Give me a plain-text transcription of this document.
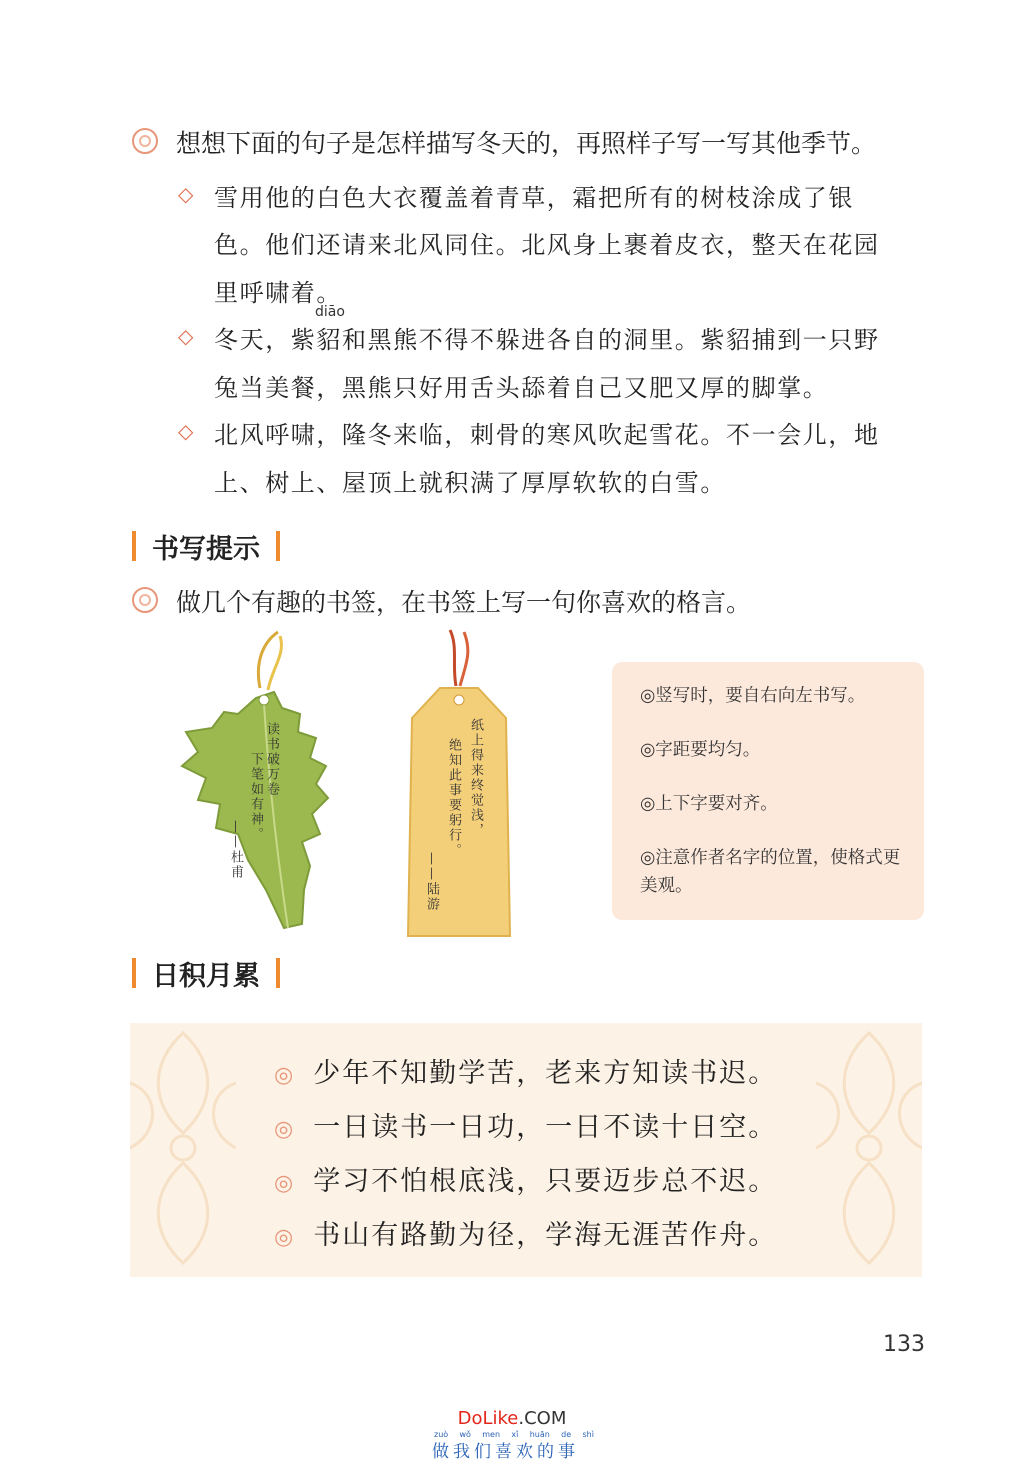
想想下面的句子是怎样描写冬天的，再照样子写一写其他季节。
◇ 雪用他的白色大衣覆盖着青草，霜把所有的树枝涂成了银
色。他们还请来北风同住。北风身上裹着皮衣，整天在花园
里呼啸着。
diāo
◇ 冬天，紫貂和黑熊不得不躲进各自的洞里。紫貂捕到一只野
兔当美餐，黑熊只好用舌头舔着自己又肥又厚的脚掌。
◇ 北风呼啸，隆冬来临，刺骨的寒风吹起雪花。不一会儿，地
上、树上、屋顶上就积满了厚厚软软的白雪。
书写提示
做几个有趣的书签，在书签上写一句你喜欢的格言。
读书破万卷
下笔如有神。
——杜甫
纸上得来终觉浅，
绝知此事要躬行。
——陆游
◎竖写时，要自右向左书写。
◎字距要均匀。
◎上下字要对齐。
◎注意作者名字的位置，使格式更美观。
日积月累
◎ 少年不知勤学苦，老来方知读书迟。
◎ 一日读书一日功，一日不读十日空。
◎ 学习不怕根底浅，只要迈步总不迟。
◎ 书山有路勤为径，学海无涯苦作舟。
133
DoLike.COM
zuò wǒ men xǐ huān de shì
做我们喜欢的事
